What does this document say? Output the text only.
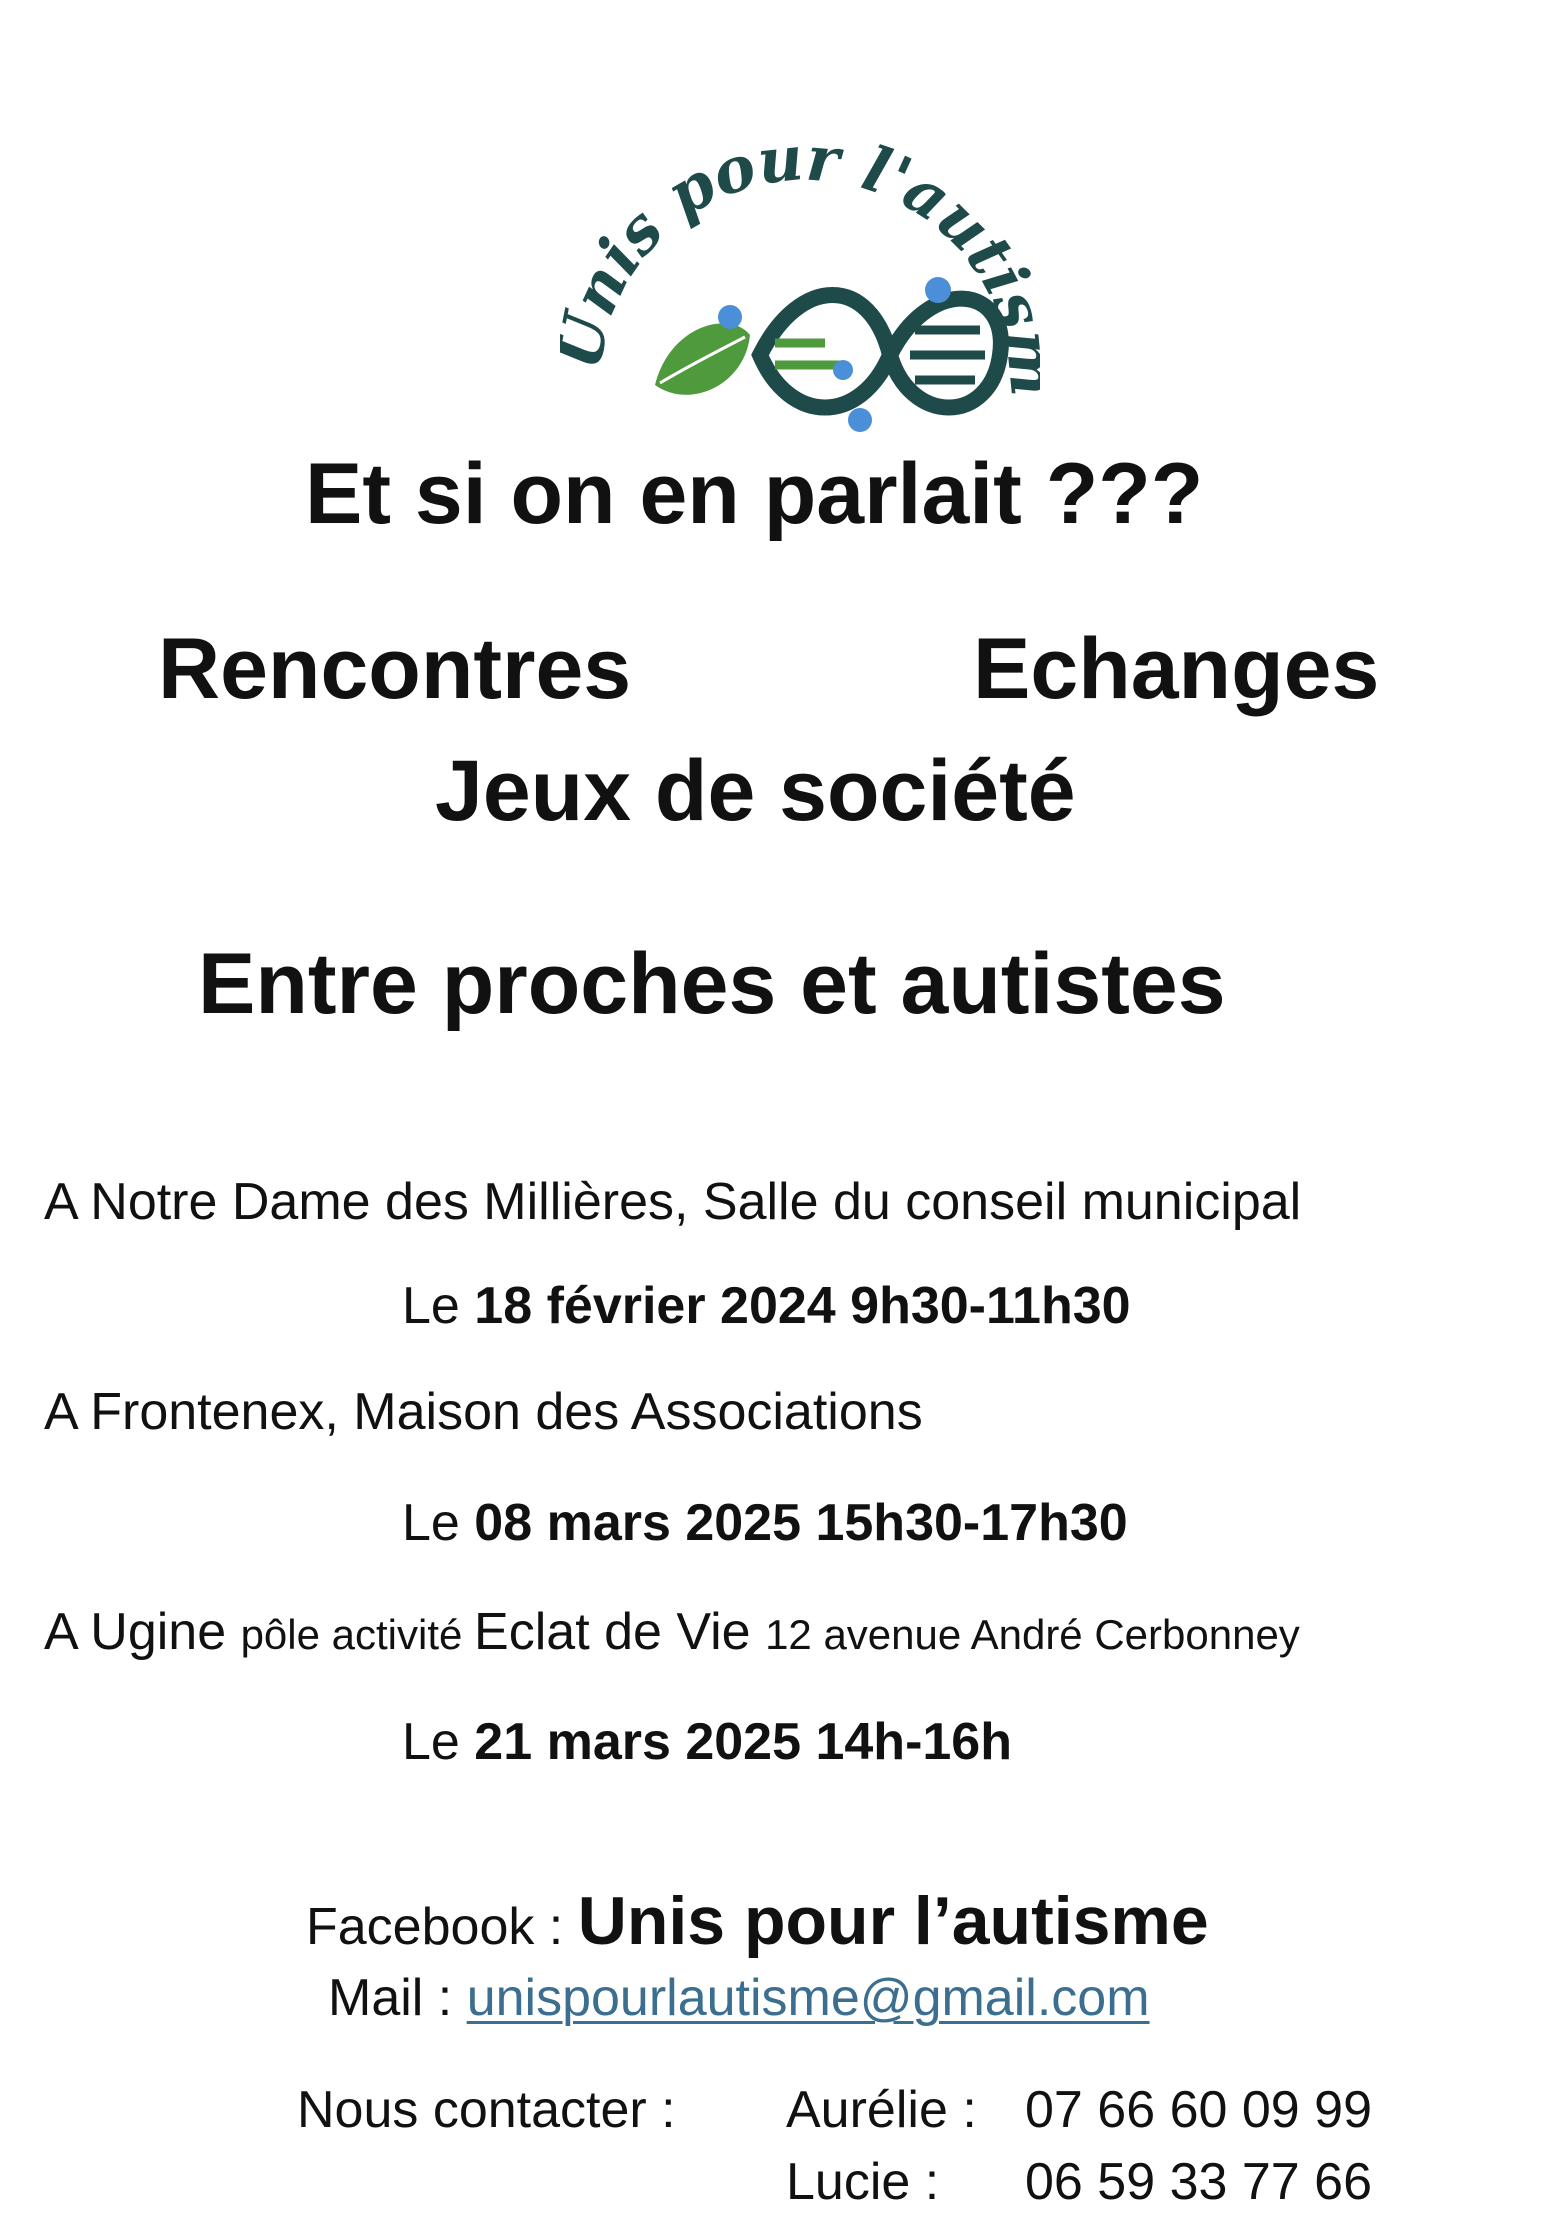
nis pour l'auti
Et si on en parlait ???
Rencontres	Echanges
Jeux de société
Entre proches et autistes
A Notre Dame des Millières, Salle du conseil municipal
Le 18 février 2024 9h30-11h30
A Frontenex, Maison des Associations
Le 08 mars 2025 15h30-17h30
A Ugine pôle activité Eclat de Vie 12 avenue André Cerbonney
Le 21 mars 2025 14h-16h
Facebook : Unis pour l’autisme
Mail : unispourlautisme@gmail.com
Nous contacter : Aurélie : 07 66 60 09 99
Lucie : 06 59 33 77 66
